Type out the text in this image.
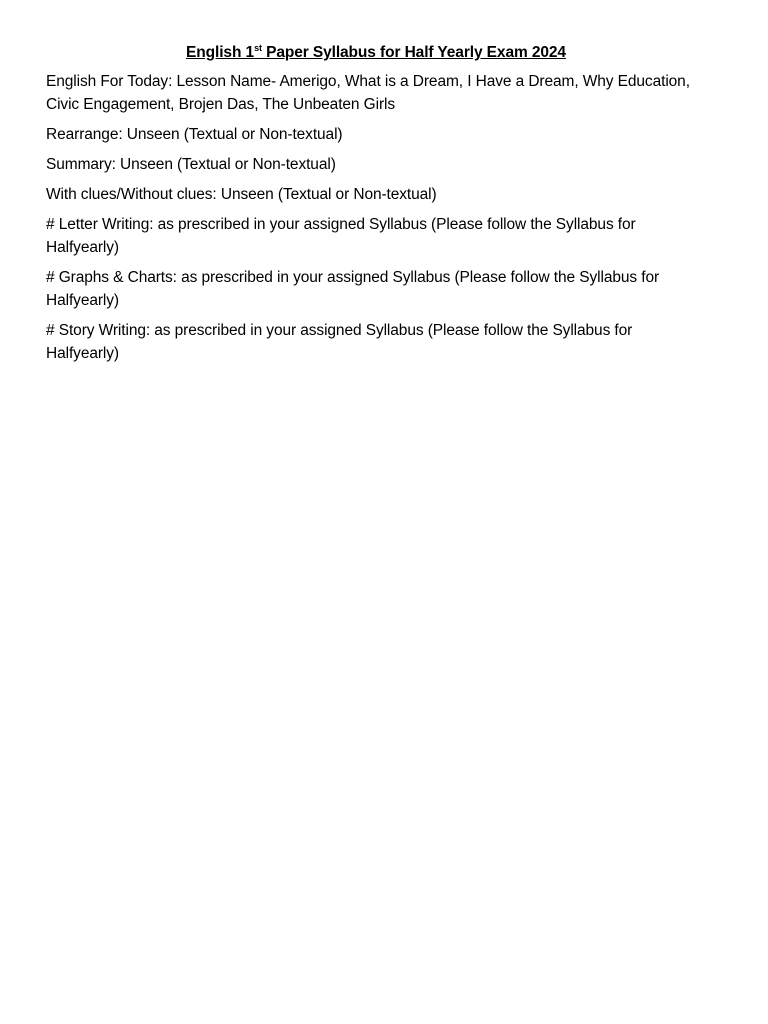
English 1st Paper Syllabus for Half Yearly Exam 2024

English For Today: Lesson Name- Amerigo, What is a Dream, I Have a Dream, Why Education, Civic Engagement, Brojen Das, The Unbeaten Girls

Rearrange: Unseen (Textual or Non-textual)

Summary: Unseen (Textual or Non-textual)

With clues/Without clues: Unseen (Textual or Non-textual)

# Letter Writing: as prescribed in your assigned Syllabus (Please follow the Syllabus for Halfyearly)

# Graphs & Charts: as prescribed in your assigned Syllabus (Please follow the Syllabus for Halfyearly)

# Story Writing: as prescribed in your assigned Syllabus (Please follow the Syllabus for Halfyearly)
